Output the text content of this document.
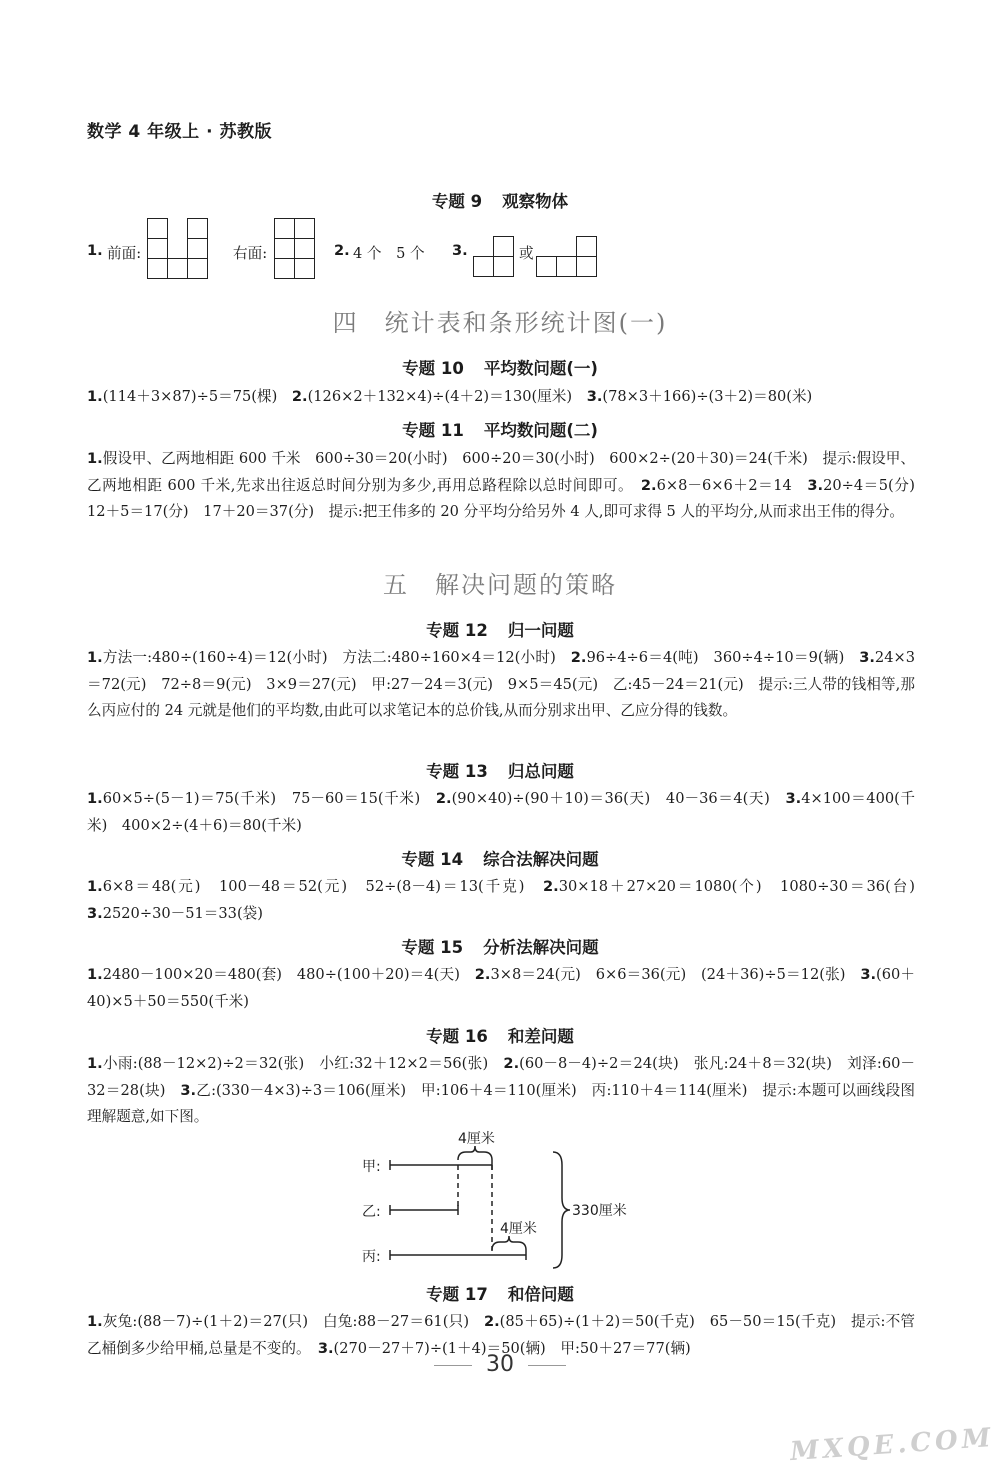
数学 4 年级上 · 苏教版
专题 9 观察物体
1. 前面:	右面:	2. 4 个　5 个 3.	或
四 统计表和条形统计图(一)
专题 10 平均数问题(一)
1.(114＋3×87)÷5＝75(棵)　2.(126×2＋132×4)÷(4＋2)＝130(厘米)　3.(78×3＋166)÷(3＋2)＝80(米)
专题 11 平均数问题(二)
1.假设甲、乙两地相距 600 千米　600÷30＝20(小时)　600÷20＝30(小时)　600×2÷(20＋30)＝24(千米)　提示:假设甲、乙两地相距 600 千米,先求出往返总时间分别为多少,再用总路程除以总时间即可。　2.6×8－6×6＋2＝14　3.20÷4＝5(分)　12＋5＝17(分)　17＋20＝37(分)　提示:把王伟多的 20 分平均分给另外 4 人,即可求得 5 人的平均分,从而求出王伟的得分。
五 解决问题的策略
专题 12 归一问题
1.方法一:480÷(160÷4)＝12(小时)　方法二:480÷160×4＝12(小时)　2.96÷4÷6＝4(吨)　360÷4÷10＝9(辆)　3.24×3＝72(元)　72÷8＝9(元)　3×9＝27(元)　甲:27－24＝3(元)　9×5＝45(元)　乙:45－24＝21(元)　提示:三人带的钱相等,那么丙应付的 24 元就是他们的平均数,由此可以求笔记本的总价钱,从而分别求出甲、乙应分得的钱数。
专题 13 归总问题
1.60×5÷(5－1)＝75(千米)　75－60＝15(千米)　2.(90×40)÷(90＋10)＝36(天)　40－36＝4(天)　3.4×100＝400(千米)　400×2÷(4＋6)＝80(千米)
专题 14 综合法解决问题
1.6×8＝48(元)　100－48＝52(元)　52÷(8－4)＝13(千克)　2.30×18＋27×20＝1080(个)　1080÷30＝36(台)　3.2520÷30－51＝33(袋)
专题 15 分析法解决问题
1.2480－100×20＝480(套)　480÷(100＋20)＝4(天)　2.3×8＝24(元)　6×6＝36(元)　(24＋36)÷5＝12(张)　3.(60＋40)×5＋50＝550(千米)
专题 16 和差问题
1.小雨:(88－12×2)÷2＝32(张)　小红:32＋12×2＝56(张)　2.(60－8－4)÷2＝24(块)　张凡:24＋8＝32(块)　刘泽:60－32＝28(块)　3.乙:(330－4×3)÷3＝106(厘米)　甲:106＋4＝110(厘米)　丙:110＋4＝114(厘米)　提示:本题可以画线段图理解题意,如下图。
4厘米
4厘米
330厘米
甲:
乙:
丙:
专题 17 和倍问题
1.灰兔:(88－7)÷(1＋2)＝27(只)　白兔:88－27＝61(只)　2.(85＋65)÷(1＋2)＝50(千克)　65－50＝15(千克)　提示:不管乙桶倒多少给甲桶,总量是不变的。　3.(270－27＋7)÷(1＋4)＝50(辆)　甲:50＋27＝77(辆)
30
MXQE.COM
